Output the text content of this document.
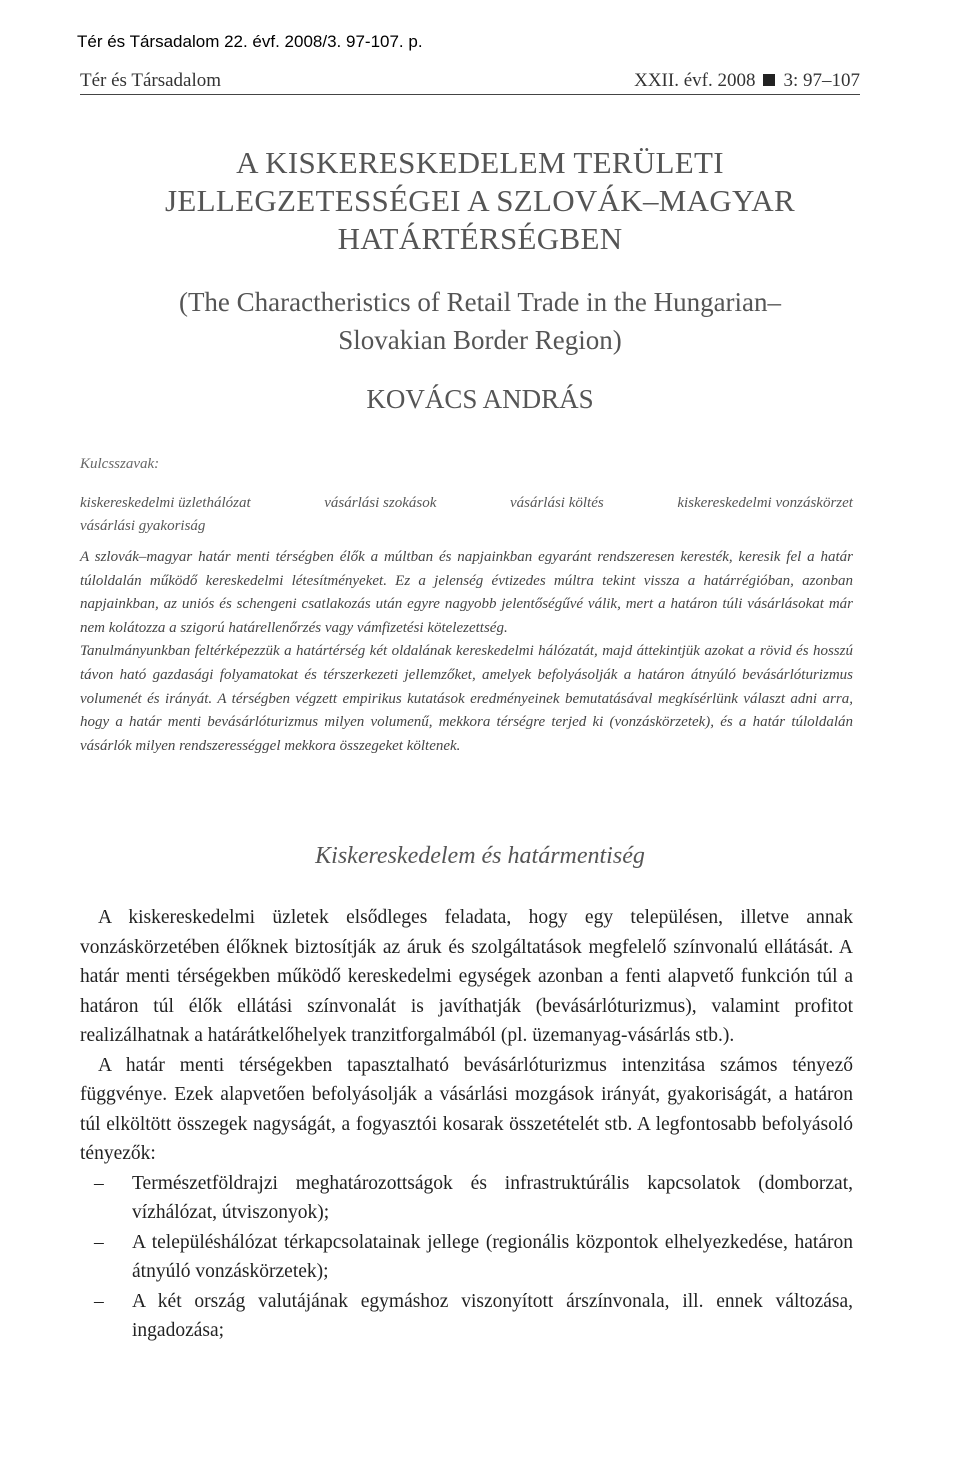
Tér és Társadalom 22. évf. 2008/3. 97-107. p.
Tér és Társadalom	XXII. évf. 2008 3: 97–107
A KISKERESKEDELEM TERÜLETI
JELLEGZETESSÉGEI A SZLOVÁK–MAGYAR
HATÁRTÉRSÉGBEN
(The Charactheristics of Retail Trade in the Hungarian–
Slovakian Border Region)
KOVÁCS ANDRÁS
Kulcsszavak:
kiskereskedelmi üzlethálózat	vásárlási szokások	vásárlási költés	kiskereskedelmi vonzáskörzet
vásárlási gyakoriság

A szlovák–magyar határ menti térségben élők a múltban és napjainkban egyaránt rendszeresen keresték, keresik fel a határ túloldalán működő kereskedelmi létesítményeket. Ez a jelenség évtizedes múltra tekint vissza a határrégióban, azonban napjainkban, az uniós és schengeni csatlakozás után egyre nagyobb jelentőségűvé válik, mert a határon túli vásárlásokat már nem kolátozza a szigorú határellenőrzés vagy vámfizetési kötelezettség.

Tanulmányunkban feltérképezzük a határtérség két oldalának kereskedelmi hálózatát, majd áttekintjük azokat a rövid és hosszú távon ható gazdasági folyamatokat és térszerkezeti jellemzőket, amelyek befolyásolják a határon átnyúló bevásárlóturizmus volumenét és irányát. A térségben végzett empirikus kutatások eredményeinek bemutatásával megkísérlünk választ adni arra, hogy a határ menti bevásárlóturizmus milyen volumenű, mekkora térségre terjed ki (vonzáskörzetek), és a határ túloldalán vásárlók milyen rendszerességgel mekkora összegeket költenek.

Kiskereskedelem és határmentiség

A kiskereskedelmi üzletek elsődleges feladata, hogy egy településen, illetve annak vonzáskörzetében élőknek biztosítják az áruk és szolgáltatások megfelelő színvonalú ellátását. A határ menti térségekben működő kereskedelmi egységek azonban a fenti alapvető funkción túl a határon túl élők ellátási színvonalát is javíthatják (bevásárlóturizmus), valamint profitot realizálhatnak a határátkelőhelyek tranzitforgalmából (pl. üzemanyag-vásárlás stb.).

A határ menti térségekben tapasztalható bevásárlóturizmus intenzitása számos tényező függvénye. Ezek alapvetően befolyásolják a vásárlási mozgások irányát, gyakoriságát, a határon túl elköltött összegek nagyságát, a fogyasztói kosarak összetételét stb. A legfontosabb befolyásoló tényezők:

– Természetföldrajzi meghatározottságok és infrastruktúrális kapcsolatok (domborzat, vízhálózat, útviszonyok);
– A településhálózat térkapcsolatainak jellege (regionális központok elhelyezkedése, határon átnyúló vonzáskörzetek);
– A két ország valutájának egymáshoz viszonyított árszínvonala, ill. ennek változása, ingadozása;
